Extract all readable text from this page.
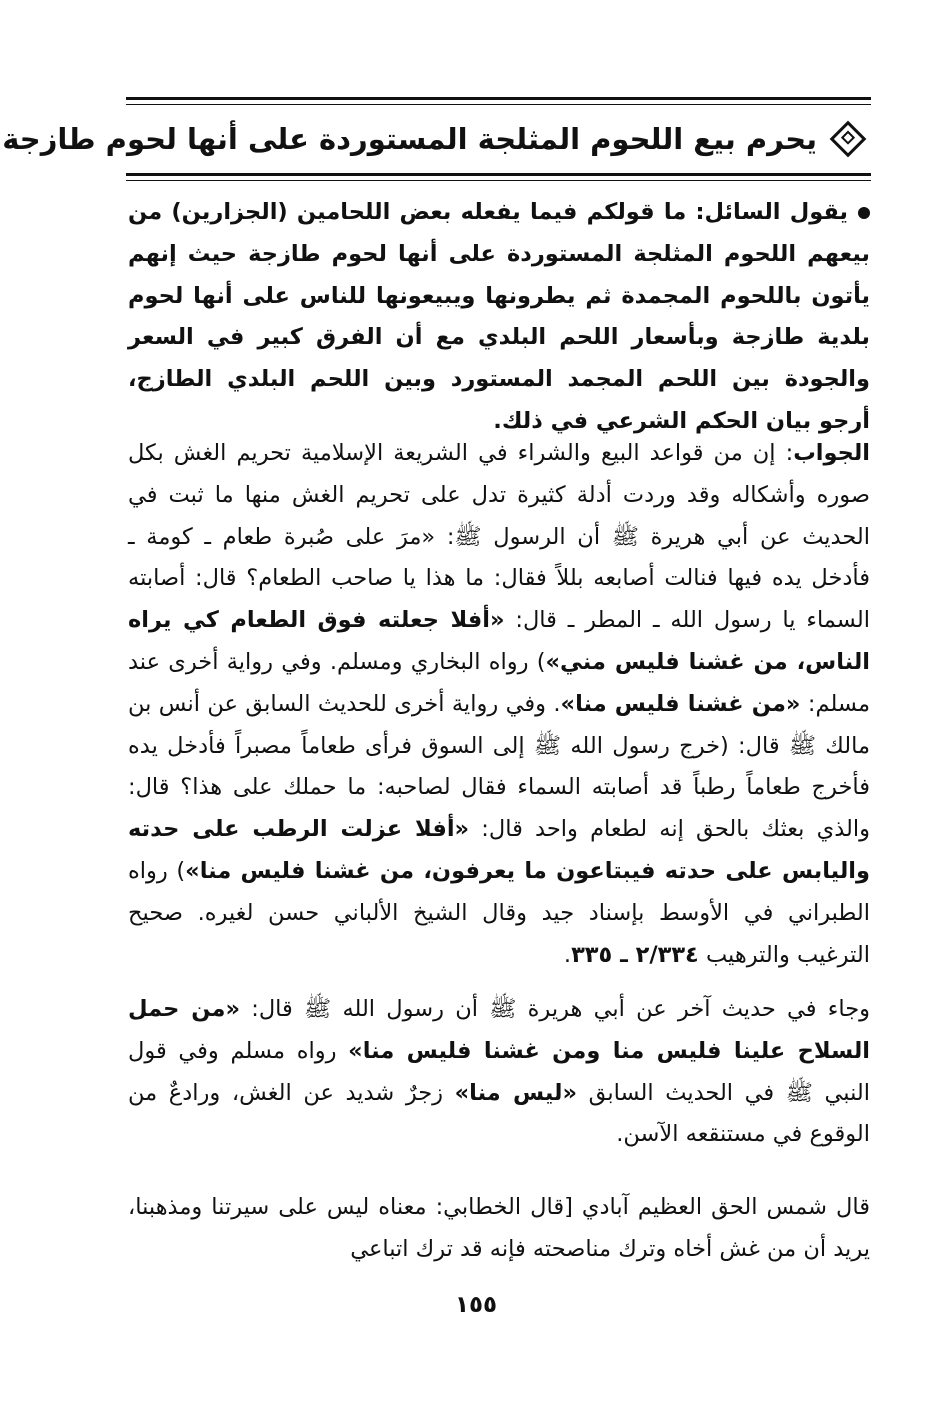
يحرم بيع اللحوم المثلجة المستوردة على أنها لحوم طازجة
يقول السائل: ما قولكم فيما يفعله بعض اللحامين (الجزارين) من بيعهم اللحوم المثلجة المستوردة على أنها لحوم طازجة حيث إنهم يأتون باللحوم المجمدة ثم يطرونها ويبيعونها للناس على أنها لحوم بلدية طازجة وبأسعار اللحم البلدي مع أن الفرق كبير في السعر والجودة بين اللحم المجمد المستورد وبين اللحم البلدي الطازج، أرجو بيان الحكم الشرعي في ذلك.
الجواب: إن من قواعد البيع والشراء في الشريعة الإسلامية تحريم الغش بكل صوره وأشكاله وقد وردت أدلة كثيرة تدل على تحريم الغش منها ما ثبت في الحديث عن أبي هريرة ﷺ أن الرسول ﷺ: «مرَ على صُبرة طعام ـ كومة ـ فأدخل يده فيها فنالت أصابعه بللاً فقال: ما هذا يا صاحب الطعام؟ قال: أصابته السماء يا رسول الله ـ المطر ـ قال: «أفلا جعلته فوق الطعام كي يراه الناس، من غشنا فليس مني») رواه البخاري ومسلم. وفي رواية أخرى عند مسلم: «من غشنا فليس منا». وفي رواية أخرى للحديث السابق عن أنس بن مالك ﷺ قال: (خرج رسول الله ﷺ إلى السوق فرأى طعاماً مصبراً فأدخل يده فأخرج طعاماً رطباً قد أصابته السماء فقال لصاحبه: ما حملك على هذا؟ قال: والذي بعثك بالحق إنه لطعام واحد قال: «أفلا عزلت الرطب على حدته واليابس على حدته فيبتاعون ما يعرفون، من غشنا فليس منا») رواه الطبراني في الأوسط بإسناد جيد وقال الشيخ الألباني حسن لغيره. صحيح الترغيب والترهيب ٢/٣٣٤ ـ ٣٣٥.
وجاء في حديث آخر عن أبي هريرة ﷺ أن رسول الله ﷺ قال: «من حمل السلاح علينا فليس منا ومن غشنا فليس منا» رواه مسلم وفي قول النبي ﷺ في الحديث السابق «ليس منا» زجرٌ شديد عن الغش، ورادعٌ من الوقوع في مستنقعه الآسن.
قال شمس الحق العظيم آبادي [قال الخطابي: معناه ليس على سيرتنا ومذهبنا، يريد أن من غش أخاه وترك مناصحته فإنه قد ترك اتباعي
١٥٥
